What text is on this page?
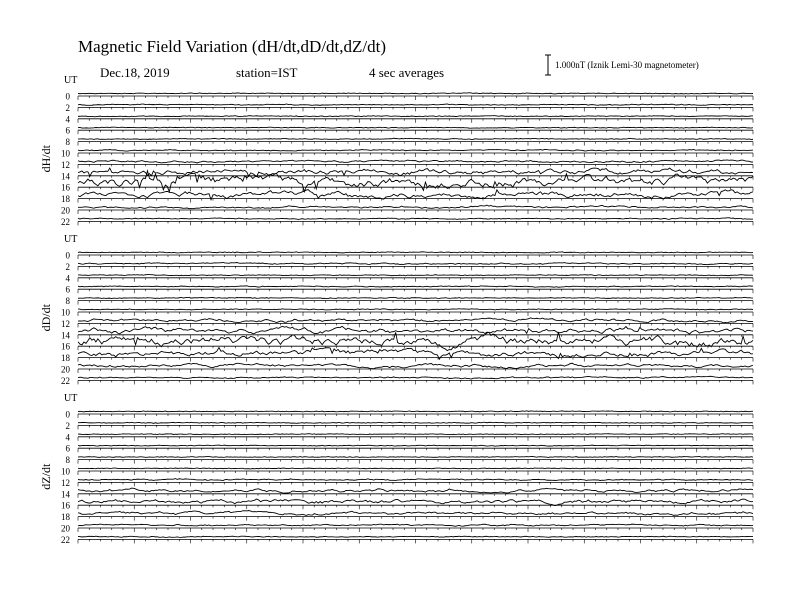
Magnetic Field Variation (dH/dt,dD/dt,dZ/dt)
Dec.18, 2019	station=IST	4 sec averages	1.000nT (Iznik Lemi-30 magnetometer)
UT
dH/dt
0
2
4
6
8
10
12
14
16
18
20
22
UT
dD/dt
0
2
4
6
8
10
12
14
16
18
20
22
UT
dZ/dt
0
2
4
6
8
10
12
14
16
18
20
22
